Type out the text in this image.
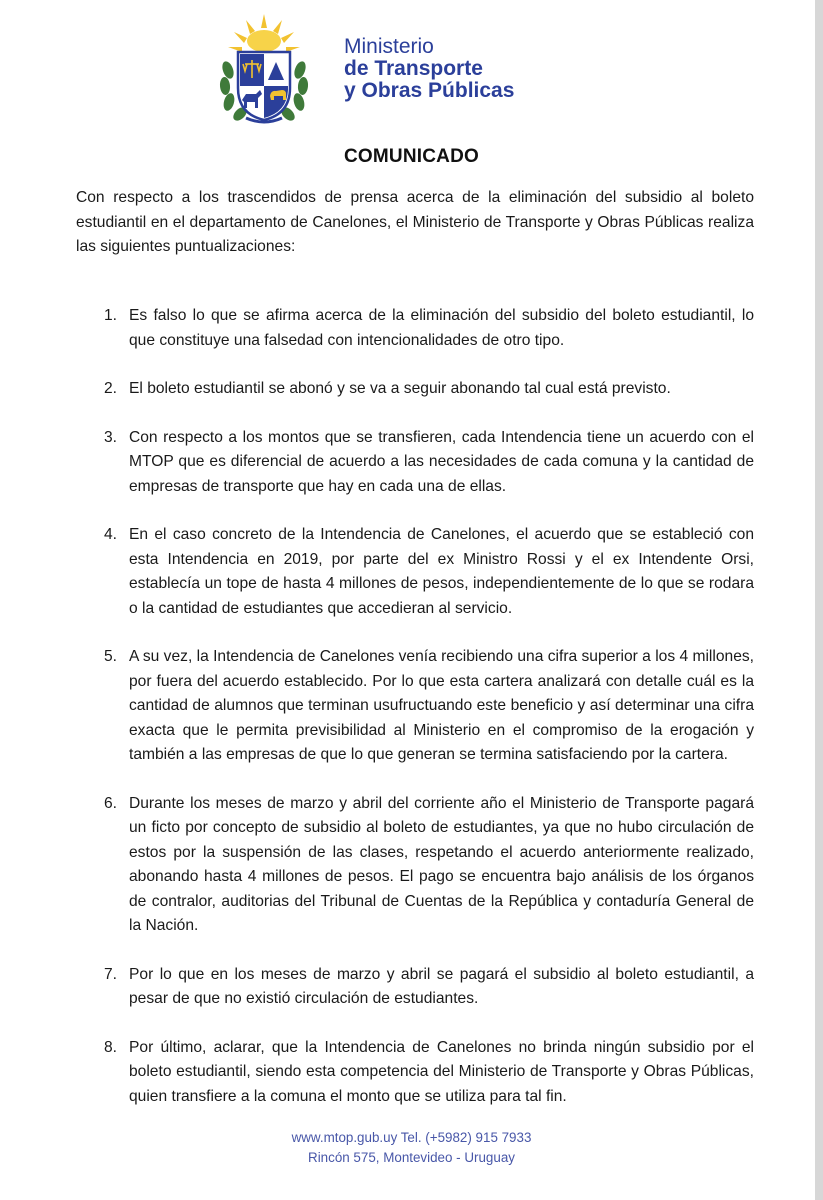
Ministerio
de Transporte
y Obras Públicas
COMUNICADO

Con respecto a los trascendidos de prensa acerca de la eliminación del subsidio al boleto estudiantil en el departamento de Canelones, el Ministerio de Transporte y Obras Públicas realiza las siguientes puntualizaciones:

1. Es falso lo que se afirma acerca de la eliminación del subsidio del boleto estudiantil, lo que constituye una falsedad con intencionalidades de otro tipo.
2. El boleto estudiantil se abonó y se va a seguir abonando tal cual está previsto.
3. Con respecto a los montos que se transfieren, cada Intendencia tiene un acuerdo con el MTOP que es diferencial de acuerdo a las necesidades de cada comuna y la cantidad de empresas de transporte que hay en cada una de ellas.
4. En el caso concreto de la Intendencia de Canelones, el acuerdo que se estableció con esta Intendencia en 2019, por parte del ex Ministro Rossi y el ex Intendente Orsi, establecía un tope de hasta 4 millones de pesos, independientemente de lo que se rodara o la cantidad de estudiantes que accedieran al servicio.
5. A su vez, la Intendencia de Canelones venía recibiendo una cifra superior a los 4 millones, por fuera del acuerdo establecido. Por lo que esta cartera analizará con detalle cuál es la cantidad de alumnos que terminan usufructuando este beneficio y así determinar una cifra exacta que le permita previsibilidad al Ministerio en el compromiso de la erogación y también a las empresas de que lo que generan se termina satisfaciendo por la cartera.
6. Durante los meses de marzo y abril del corriente año el Ministerio de Transporte pagará un ficto por concepto de subsidio al boleto de estudiantes, ya que no hubo circulación de estos por la suspensión de las clases, respetando el acuerdo anteriormente realizado, abonando hasta 4 millones de pesos. El pago se encuentra bajo análisis de los órganos de contralor, auditorias del Tribunal de Cuentas de la República y contaduría General de la Nación.
7. Por lo que en los meses de marzo y abril se pagará el subsidio al boleto estudiantil, a pesar de que no existió circulación de estudiantes.
8. Por último, aclarar, que la Intendencia de Canelones no brinda ningún subsidio por el boleto estudiantil, siendo esta competencia del Ministerio de Transporte y Obras Públicas, quien transfiere a la comuna el monto que se utiliza para tal fin.
www.mtop.gub.uy Tel. (+5982) 915 7933
Rincón 575, Montevideo - Uruguay
